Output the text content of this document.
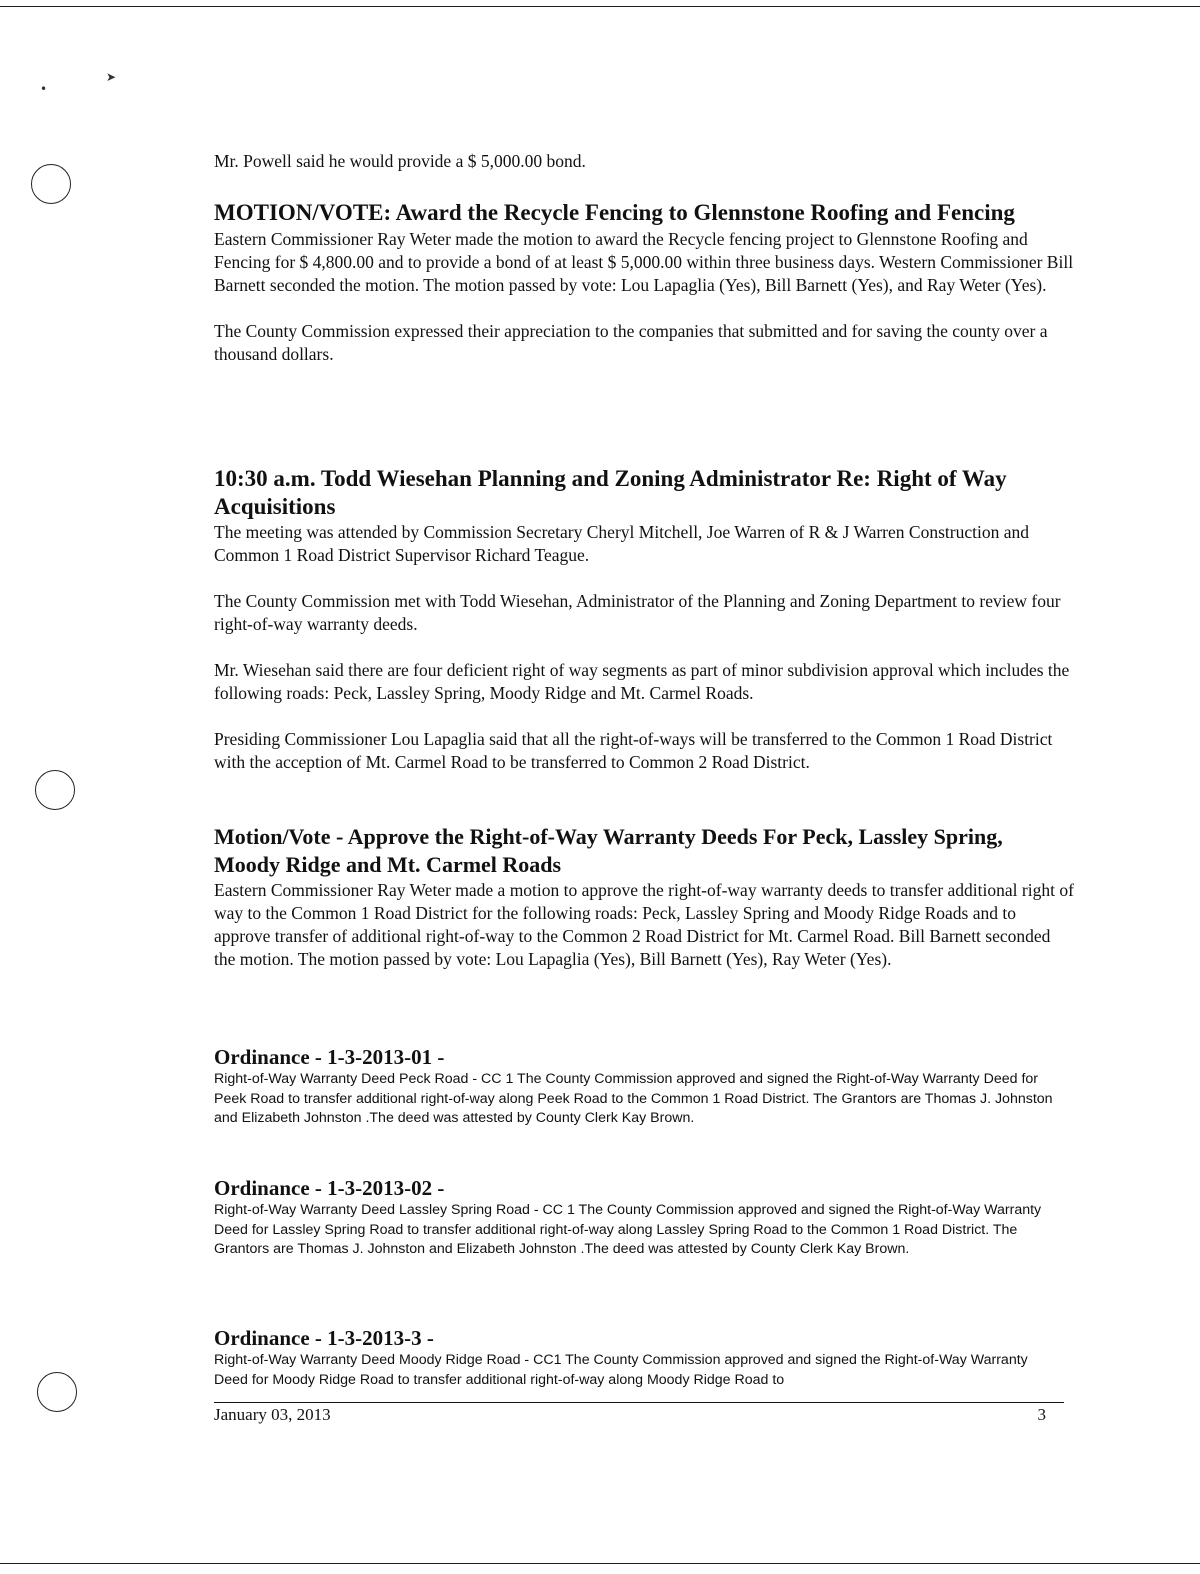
•
➤

Mr. Powell said he would provide a $ 5,000.00 bond.

MOTION/VOTE: Award the Recycle Fencing to Glennstone Roofing and Fencing

Eastern Commissioner Ray Weter made the motion to award the Recycle fencing project to Glennstone Roofing and Fencing for $ 4,800.00 and to provide a bond of at least $ 5,000.00 within three business days. Western Commissioner Bill Barnett seconded the motion. The motion passed by vote: Lou Lapaglia (Yes), Bill Barnett (Yes), and Ray Weter (Yes).

The County Commission expressed their appreciation to the companies that submitted and for saving the county over a thousand dollars.

10:30 a.m. Todd Wiesehan Planning and Zoning Administrator Re: Right of Way Acquisitions

The meeting was attended by Commission Secretary Cheryl Mitchell, Joe Warren of R & J Warren Construction and Common 1 Road District Supervisor Richard Teague.

The County Commission met with Todd Wiesehan, Administrator of the Planning and Zoning Department to review four right-of-way warranty deeds.

Mr. Wiesehan said there are four deficient right of way segments as part of minor subdivision approval which includes the following roads: Peck, Lassley Spring, Moody Ridge and Mt. Carmel Roads.

Presiding Commissioner Lou Lapaglia said that all the right-of-ways will be transferred to the Common 1 Road District with the acception of Mt. Carmel Road to be transferred to Common 2 Road District.

Motion/Vote - Approve the Right-of-Way Warranty Deeds For Peck, Lassley Spring, Moody Ridge and Mt. Carmel Roads

Eastern Commissioner Ray Weter made a motion to approve the right-of-way warranty deeds to transfer additional right of way to the Common 1 Road District for the following roads: Peck, Lassley Spring and Moody Ridge Roads and to approve transfer of additional right-of-way to the Common 2 Road District for Mt. Carmel Road. Bill Barnett seconded the motion. The motion passed by vote: Lou Lapaglia (Yes), Bill Barnett (Yes), Ray Weter (Yes).

Ordinance - 1-3-2013-01 -

Right-of-Way Warranty Deed Peck Road - CC 1 The County Commission approved and signed the Right-of-Way Warranty Deed for Peek Road to transfer additional right-of-way along Peek Road to the Common 1 Road District. The Grantors are Thomas J. Johnston and Elizabeth Johnston .The deed was attested by County Clerk Kay Brown.

Ordinance - 1-3-2013-02 -

Right-of-Way Warranty Deed Lassley Spring Road - CC 1 The County Commission approved and signed the Right-of-Way Warranty Deed for Lassley Spring Road to transfer additional right-of-way along Lassley Spring Road to the Common 1 Road District. The Grantors are Thomas J. Johnston and Elizabeth Johnston .The deed was attested by County Clerk Kay Brown.

Ordinance - 1-3-2013-3 -

Right-of-Way Warranty Deed Moody Ridge Road - CC1 The County Commission approved and signed the Right-of-Way Warranty Deed for Moody Ridge Road to transfer additional right-of-way along Moody Ridge Road to

January 03, 2013	3
